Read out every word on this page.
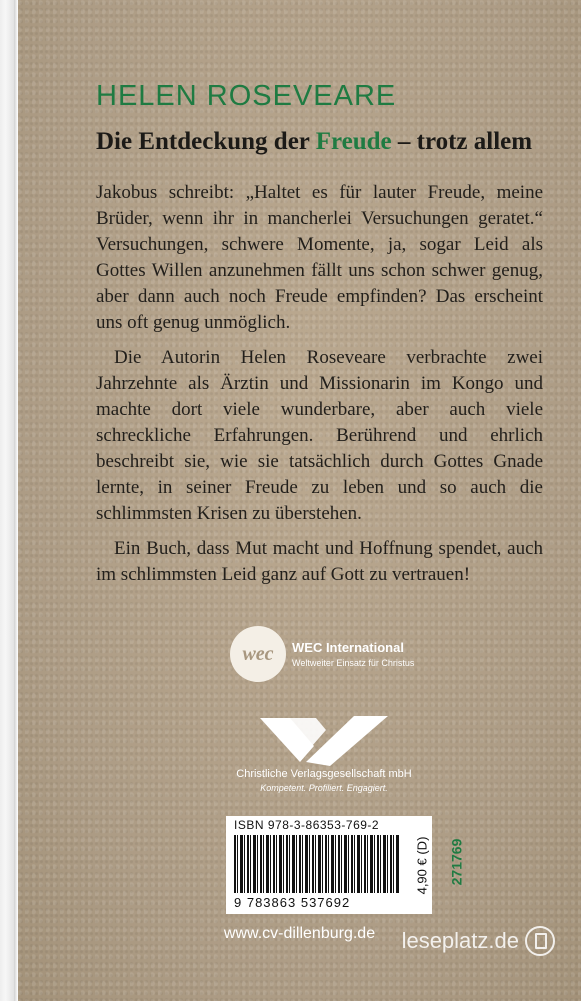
HELEN ROSEVEARE
Die Entdeckung der Freude – trotz allem

Jakobus schreibt: „Haltet es für lauter Freude, meine Brüder, wenn ihr in mancherlei Versuchungen geratet.“ Versuchungen, schwere Momente, ja, sogar Leid als Gottes Willen anzunehmen fällt uns schon schwer genug, aber dann auch noch Freude empfinden? Das erscheint uns oft genug unmöglich.

Die Autorin Helen Roseveare verbrachte zwei Jahrzehnte als Ärztin und Missionarin im Kongo und machte dort viele wunderbare, aber auch viele schreckliche Erfahrungen. Berührend und ehrlich beschreibt sie, wie sie tatsächlich durch Gottes Gnade lernte, in seiner Freude zu leben und so auch die schlimmsten Krisen zu überstehen.

Ein Buch, dass Mut macht und Hoffnung spendet, auch im schlimmsten Leid ganz auf Gott zu vertrauen!

wec WEC International
Weltweiter Einsatz für Christus
Christliche Verlagsgesellschaft mbH
Kompetent. Profiliert. Engagiert.
ISBN 978-3-86353-769-2
9 783863 537692
4,90 € (D) 271769
www.cv-dillenburg.de	leseplatz.de
